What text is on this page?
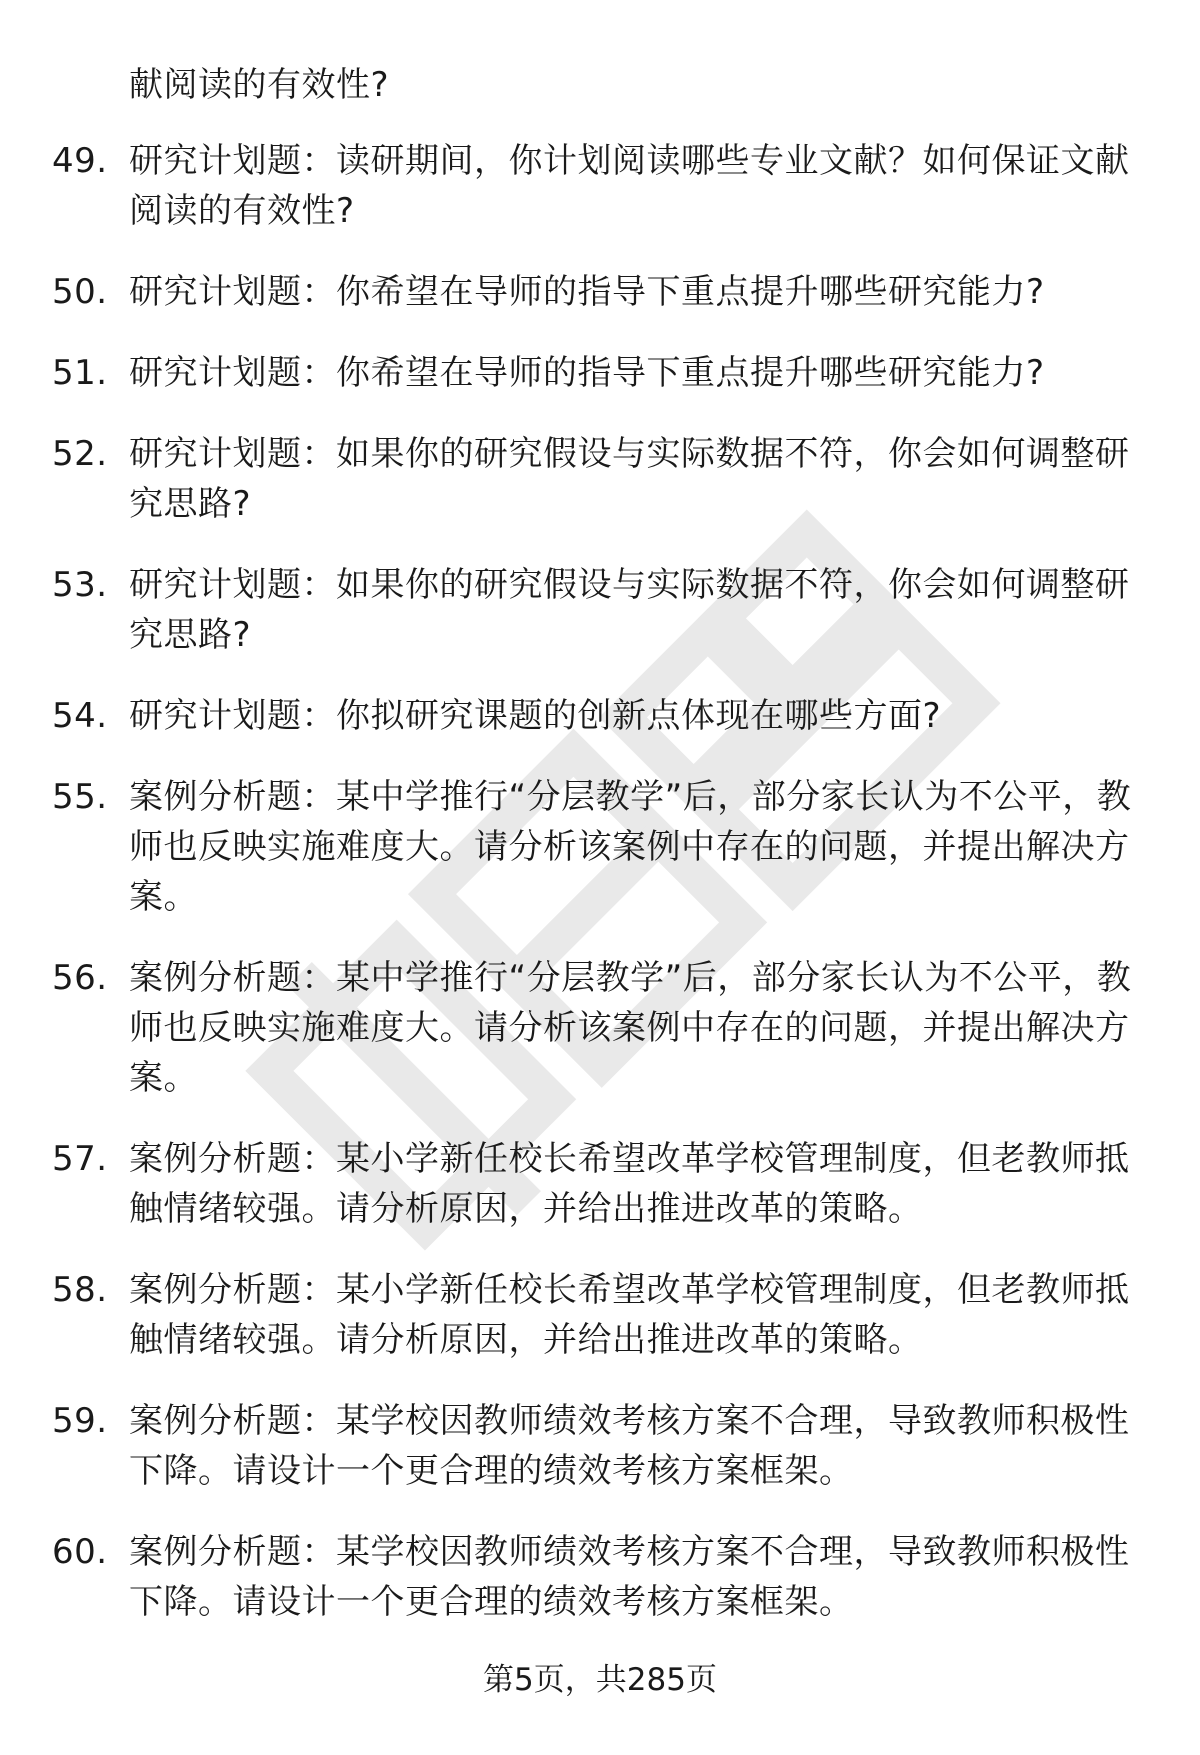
献阅读的有效性?
49. 研究计划题：读研期间，你计划阅读哪些专业文献？如何保证文献阅读的有效性?
50. 研究计划题：你希望在导师的指导下重点提升哪些研究能力?
51. 研究计划题：你希望在导师的指导下重点提升哪些研究能力?
52. 研究计划题：如果你的研究假设与实际数据不符，你会如何调整研究思路?
53. 研究计划题：如果你的研究假设与实际数据不符，你会如何调整研究思路?
54. 研究计划题：你拟研究课题的创新点体现在哪些方面?
55. 案例分析题：某中学推行“分层教学”后，部分家长认为不公平，教师也反映实施难度大。请分析该案例中存在的问题，并提出解决方案。
56. 案例分析题：某中学推行“分层教学”后，部分家长认为不公平，教师也反映实施难度大。请分析该案例中存在的问题，并提出解决方案。
57. 案例分析题：某小学新任校长希望改革学校管理制度，但老教师抵触情绪较强。请分析原因，并给出推进改革的策略。
58. 案例分析题：某小学新任校长希望改革学校管理制度，但老教师抵触情绪较强。请分析原因，并给出推进改革的策略。
59. 案例分析题：某学校因教师绩效考核方案不合理，导致教师积极性下降。请设计一个更合理的绩效考核方案框架。
60. 案例分析题：某学校因教师绩效考核方案不合理，导致教师积极性下降。请设计一个更合理的绩效考核方案框架。
第5页，共285页
